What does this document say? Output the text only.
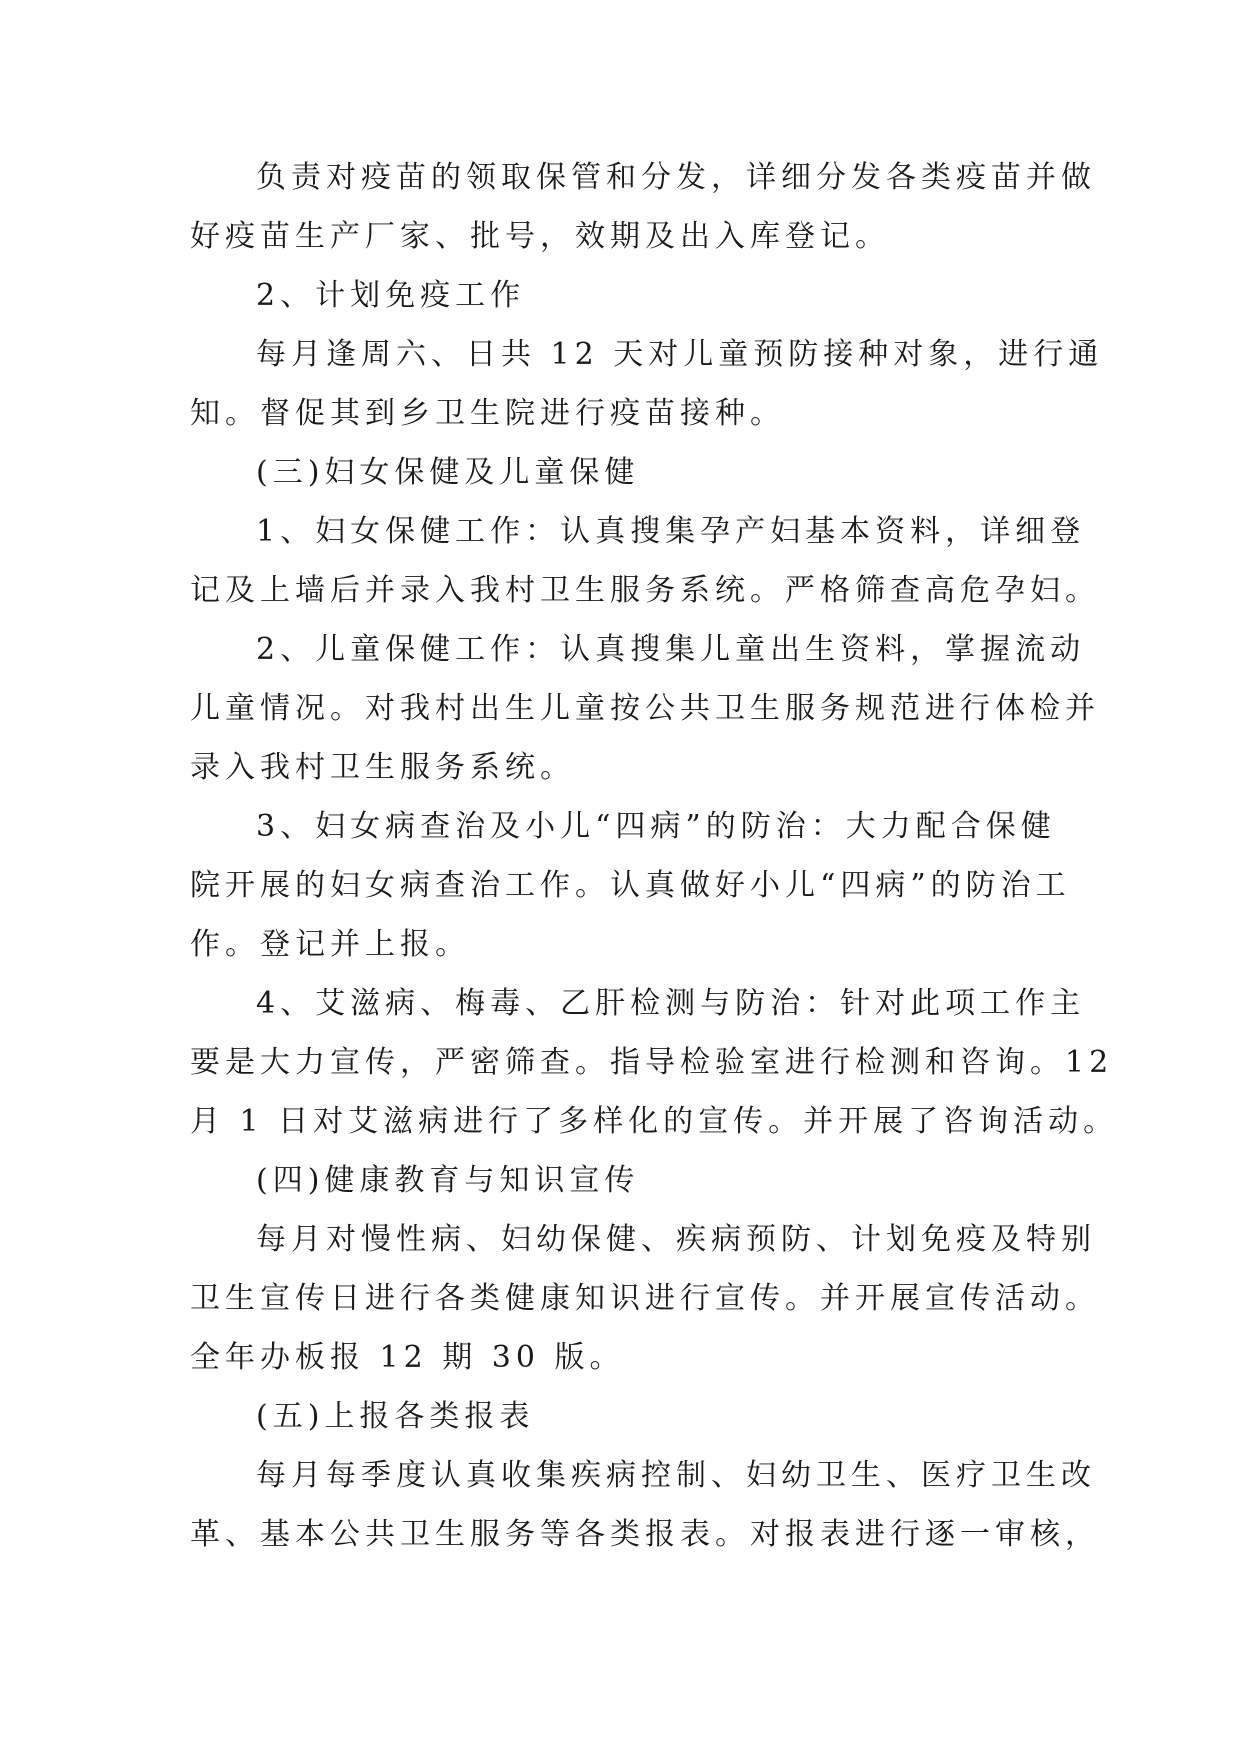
负责对疫苗的领取保管和分发，详细分发各类疫苗并做
好疫苗生产厂家、批号，效期及出入库登记。
2、计划免疫工作
每月逢周六、日共 12 天对儿童预防接种对象，进行通
知。督促其到乡卫生院进行疫苗接种。
(三)妇女保健及儿童保健
1、妇女保健工作：认真搜集孕产妇基本资料，详细登
记及上墙后并录入我村卫生服务系统。严格筛查高危孕妇。
2、儿童保健工作：认真搜集儿童出生资料，掌握流动
儿童情况。对我村出生儿童按公共卫生服务规范进行体检并
录入我村卫生服务系统。
3、妇女病查治及小儿“四病”的防治：大力配合保健
院开展的妇女病查治工作。认真做好小儿“四病”的防治工
作。登记并上报。
4、艾滋病、梅毒、乙肝检测与防治：针对此项工作主
要是大力宣传，严密筛查。指导检验室进行检测和咨询。12
月 1 日对艾滋病进行了多样化的宣传。并开展了咨询活动。
(四)健康教育与知识宣传
每月对慢性病、妇幼保健、疾病预防、计划免疫及特别
卫生宣传日进行各类健康知识进行宣传。并开展宣传活动。
全年办板报 12 期 30 版。
(五)上报各类报表
每月每季度认真收集疾病控制、妇幼卫生、医疗卫生改
革、基本公共卫生服务等各类报表。对报表进行逐一审核，
